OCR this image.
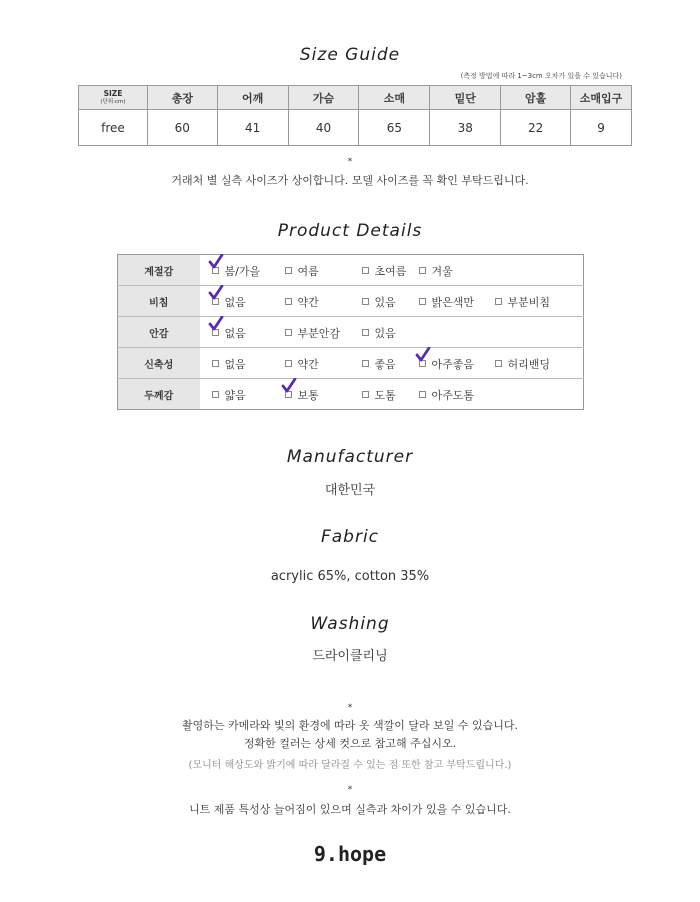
Size Guide
(측정 방법에 따라 1~3cm 오차가 있을 수 있습니다)
SIZE
(단위:cm)	총장	어깨	가슴	소매	밑단	암홀	소매입구
free	60	41	40	65	38	22	9
*
거래처 별 실측 사이즈가 상이합니다. 모델 사이즈를 꼭 확인 부탁드립니다.
Product Details
계절감	봄/가을 여름 초여름 겨울

비침	없음 약간 있음 밝은색만 부분비침

안감	없음 부분안감 있음

신축성	없음 약간 좋음 아주좋음 허리밴딩

두께감	얇음 보통 도톰 아주도톰
Manufacturer
대한민국
Fabric
acrylic 65%, cotton 35%
Washing
드라이클리닝
*
촬영하는 카메라와 빛의 환경에 따라 옷 색깔이 달라 보일 수 있습니다.
정확한 컬러는 상세 컷으로 참고해 주십시오.
(모니터 해상도와 밝기에 따라 달라질 수 있는 점 또한 참고 부탁드립니다.)
*
니트 제품 특성상 늘어짐이 있으며 실측과 차이가 있을 수 있습니다.
9.hope
